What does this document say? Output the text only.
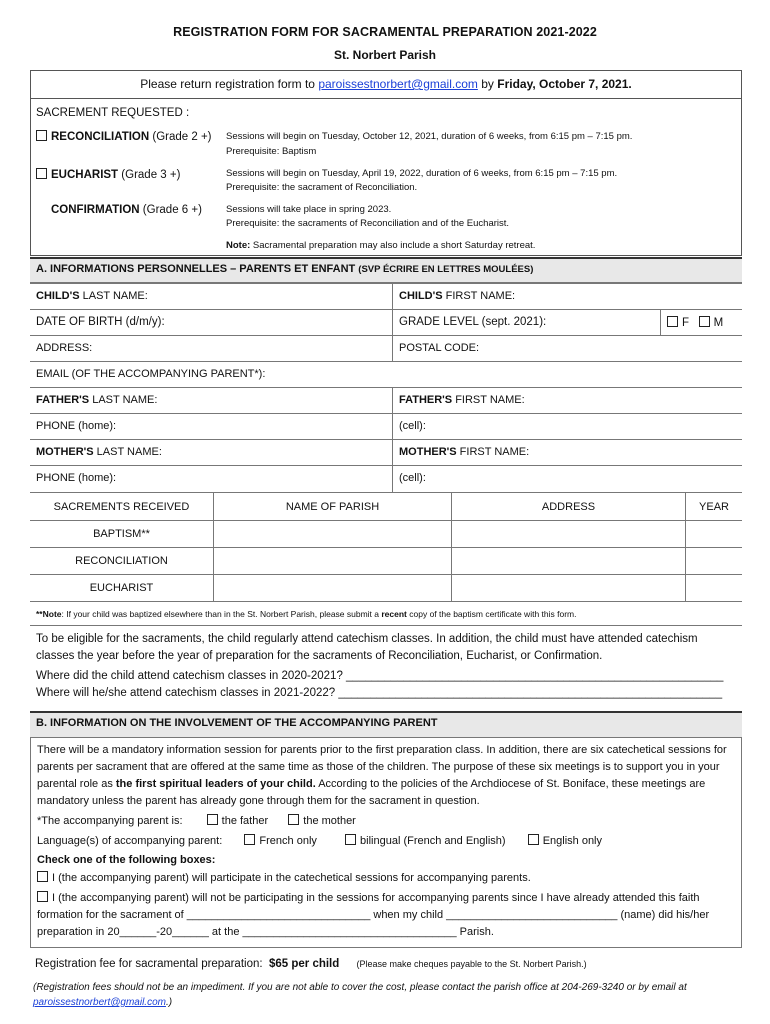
REGISTRATION FORM FOR SACRAMENTAL PREPARATION 2021-2022
St. Norbert Parish
Please return registration form to paroissestnorbert@gmail.com by Friday, October 7, 2021.
SACREMENT REQUESTED :
RECONCILIATION (Grade 2 +) Sessions will begin on Tuesday, October 12, 2021, duration of 6 weeks, from 6:15 pm – 7:15 pm.
Prerequisite: Baptism
EUCHARIST (Grade 3 +)	Sessions will begin on Tuesday, April 19, 2022, duration of 6 weeks, from 6:15 pm – 7:15 pm.
Prerequisite: the sacrament of Reconciliation.
CONFIRMATION (Grade 6 +)	Sessions will take place in spring 2023.
Prerequisite: the sacraments of Reconciliation and of the Eucharist.
Note: Sacramental preparation may also include a short Saturday retreat.
A. INFORMATIONS PERSONNELLES – PARENTS ET ENFANT (SVP ÉCRIRE EN LETTRES MOULÉES)
CHILD'S LAST NAME:	CHILD'S FIRST NAME:
DATE OF BIRTH (d/m/y):	GRADE LEVEL (sept. 2021):	F M
ADDRESS:	POSTAL CODE:
EMAIL (OF THE ACCOMPANYING PARENT*):
FATHER'S LAST NAME:	FATHER'S FIRST NAME:
PHONE (home):	(cell):
MOTHER'S LAST NAME:	MOTHER'S FIRST NAME:
PHONE (home):	(cell):
SACREMENTS RECEIVED	NAME OF PARISH	ADDRESS	YEAR
BAPTISM**
RECONCILIATION
EUCHARIST
**Note: If your child was baptized elsewhere than in the St. Norbert Parish, please submit a recent copy of the baptism certificate with this form.

To be eligible for the sacraments, the child regularly attend catechism classes. In addition, the child must have attended catechism classes the year before the year of preparation for the sacraments of Reconciliation, Eucharist, or Confirmation.

Where did the child attend catechism classes in 2020-2021? ___________________________________________________________

Where will he/she attend catechism classes in 2021-2022? ____________________________________________________________

B. INFORMATION ON THE INVOLVEMENT OF THE ACCOMPANYING PARENT

There will be a mandatory information session for parents prior to the first preparation class. In addition, there are six catechetical sessions for parents per sacrament that are offered at the same time as those of the children. The purpose of these six meetings is to support you in your parental role as the first spiritual leaders of your child. According to the policies of the Archdiocese of St. Boniface, these meetings are mandatory unless the parent has already gone through them for the sacrament in question.

*The accompanying parent is:	the father	the mother
Language(s) of accompanying parent:	French only	bilingual (French and English)	English only
Check one of the following boxes:
I (the accompanying parent) will participate in the catechetical sessions for accompanying parents.
I (the accompanying parent) will not be participating in the sessions for accompanying parents since I have already attended this faith formation for the sacrament of ______________________________ when my child ____________________________ (name) did his/her preparation in 20______-20______ at the ___________________________________ Parish.
Registration fee for sacramental preparation: $65 per child (Please make cheques payable to the St. Norbert Parish.)
(Registration fees should not be an impediment. If you are not able to cover the cost, please contact the parish office at 204-269-3240 or by email at paroissestnorbert@gmail.com.)
